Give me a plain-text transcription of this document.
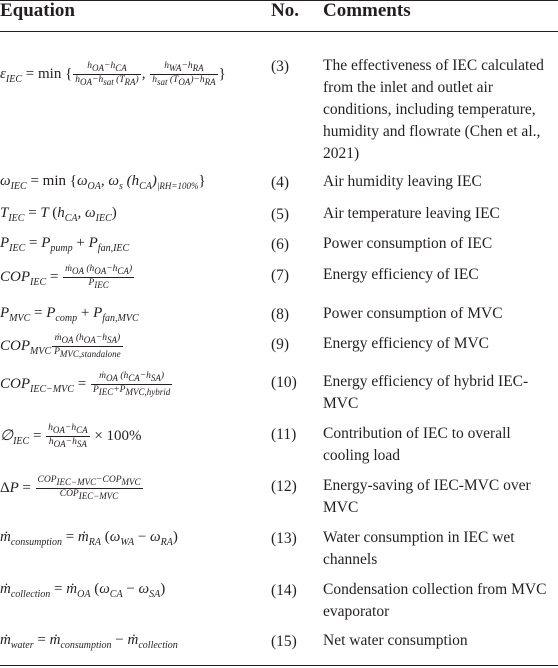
Equation	No. Comments
$\varepsilon_{IEC} = \min$ { $\frac{h_{OA}-h_{CA}}{h_{OA}-h_{sat} (T_{RA})}$ , $\frac{h_{WA}-h_{RA}}{h_{sat} (T_{OA})-h_{RA}}$ }	(3) The effectiveness of IEC calculated from the inlet and outlet air conditions, including temperature, humidity and flowrate (Chen et al., 2021)
$\omega_{IEC} = \min \{\omega_{OA}$, $\omega_s$ $(h_{CA})_{|RH=100\%}$}	(4) Air humidity leaving IEC
$T_{IEC} = T$ ($h_{CA}$, $\omega_{IEC}$)	(5) Air temperature leaving IEC
$P_{IEC} = P_{pump} + P_{fan,IEC}$	(6) Power consumption of IEC
$COP_{IEC} = \frac{ṁ_{OA} (h_{OA}-h_{CA})}{P_{IEC}}$	(7) Energy efficiency of IEC
$P_{MVC} = P_{comp} + P_{fan,MVC}$	(8) Power consumption of MVC
$COP_{MVC} \frac{ṁ_{OA} (h_{OA}-h_{SA})}{P_{MVC,standalone}}$	(9) Energy efficiency of MVC
$COP_{IEC-MVC} = \frac{ṁ_{OA} (h_{CA}-h_{SA})}{P_{IEC}+P_{MVC,hybrid}}$	(10) Energy efficiency of hybrid IEC-MVC
$\emptyset_{IEC} = \frac{h_{OA}-h_{CA}}{h_{OA}-h_{SA}} \times 100\%$	(11) Contribution of IEC to overall cooling load
$\Delta P = \frac{COP_{IEC-MVC}-COP_{MVC}}{COP_{IEC-MVC}}$	(12) Energy-saving of IEC-MVC over MVC
ṁ$_{consumption}$ = ṁ$_{RA}$ $(\omega_{WA} - \omega_{RA})$	(13) Water consumption in IEC wet channels
ṁ$_{collection}$ = ṁ$_{OA}$ $(\omega_{CA} - \omega_{SA})$	(14) Condensation collection from MVC evaporator
ṁ$_{water}$ = ṁ$_{consumption}$ − ṁ$_{collection}$	(15) Net water consumption
